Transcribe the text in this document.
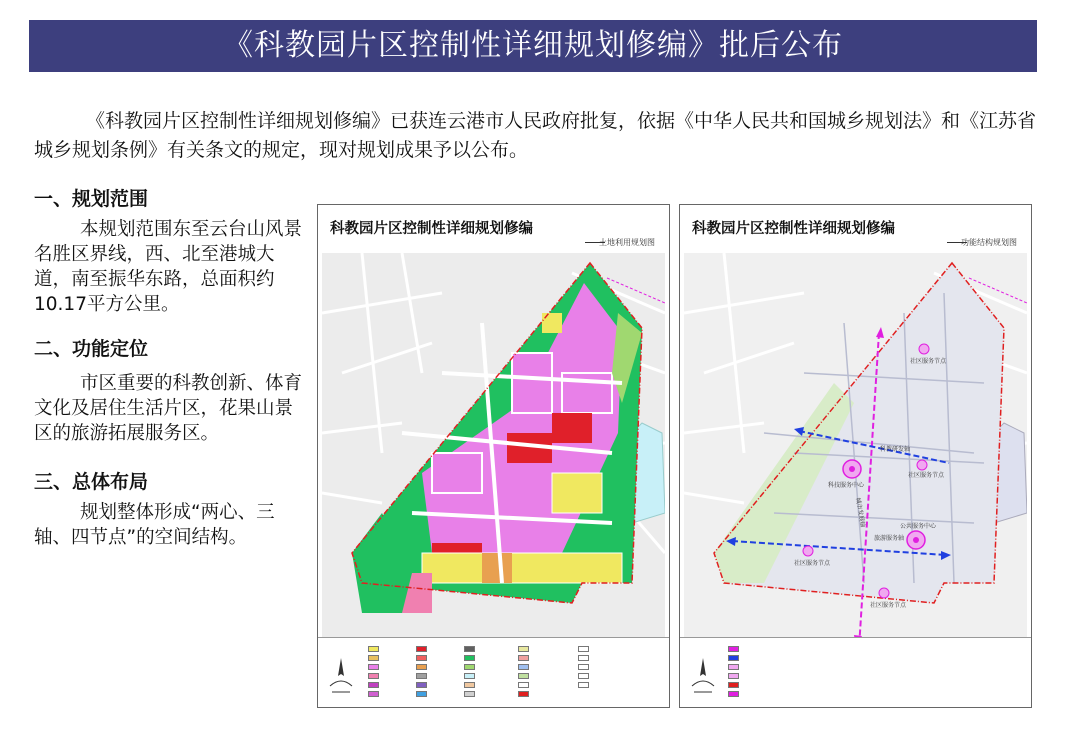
《科教园片区控制性详细规划修编》批后公布
《科教园片区控制性详细规划修编》已获连云港市人民政府批复，依据《中华人民共和国城乡规划法》和《江苏省城乡规划条例》有关条文的规定，现对规划成果予以公布。
一、规划范围
本规划范围东至云台山风景名胜区界线，西、北至港城大道，南至振华东路，总面积约10.17平方公里。
二、功能定位
市区重要的科教创新、体育文化及居住生活片区，花果山景区的旅游拓展服务区。
三、总体布局
规划整体形成“两心、三轴、四节点”的空间结构。
科教园片区控制性详细规划修编
土地利用规划图
科教园片区控制性详细规划修编
功能结构规划图
社区服务节点
科教研发轴
科技服务中心
社区服务节点
城市发展轴	公共服务中心
旅游服务轴
社区服务节点
社区服务节点
